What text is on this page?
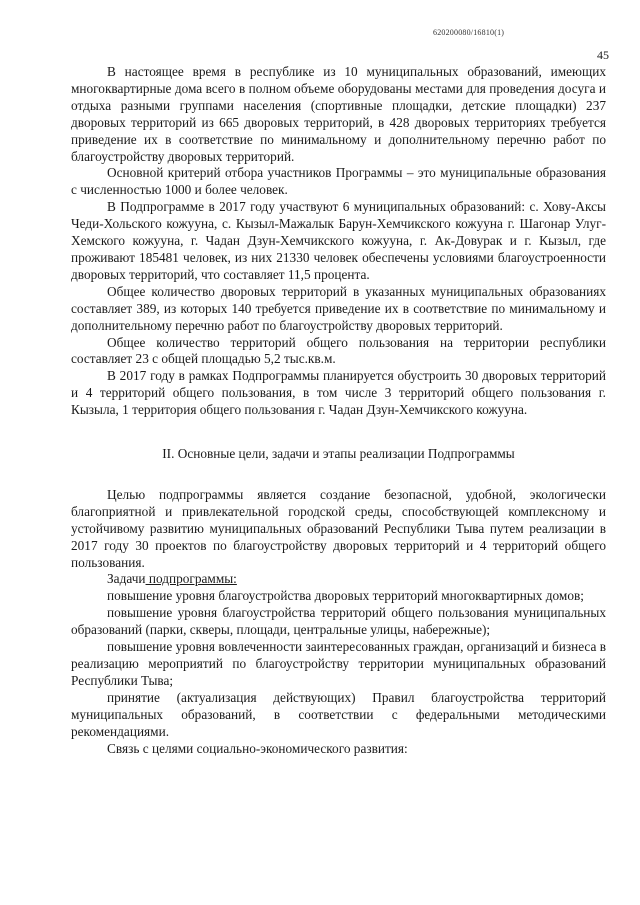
620200080/16810(1)
45

В настоящее время в республике из 10 муниципальных образований, имеющих многоквартирные дома всего в полном объеме оборудованы местами для проведения досуга и отдыха разными группами населения (спортивные площадки, детские площадки) 237 дворовых территорий из 665 дворовых территорий, в 428 дворовых территориях требуется приведение их в соответствие по минимальному и дополнительному перечню работ по благоустройству дворовых территорий.

Основной критерий отбора участников Программы – это муниципальные образования с численностью 1000 и более человек.

В Подпрограмме в 2017 году участвуют 6 муниципальных образований: с. Хову-Аксы Чеди-Хольского кожууна, с. Кызыл-Мажалык Барун-Хемчикского кожууна г. Шагонар Улуг-Хемского кожууна, г. Чадан Дзун-Хемчикского кожууна, г. Ак-Довурак и г. Кызыл, где проживают 185481 человек, из них 21330 человек обеспечены условиями благоустроенности дворовых территорий, что составляет 11,5 процента.

Общее количество дворовых территорий в указанных муниципальных образованиях составляет 389, из которых 140 требуется приведение их в соответствие по минимальному и дополнительному перечню работ по благоустройству дворовых территорий.

Общее количество территорий общего пользования на территории республики составляет 23 с общей площадью 5,2 тыс.кв.м.

В 2017 году в рамках Подпрограммы планируется обустроить 30 дворовых территорий и 4 территорий общего пользования, в том числе 3 территорий общего пользования г. Кызыла, 1 территория общего пользования г. Чадан Дзун-Хемчикского кожууна.

II. Основные цели, задачи и этапы реализации Подпрограммы

Целью подпрограммы является создание безопасной, удобной, экологически благоприятной и привлекательной городской среды, способствующей комплексному и устойчивому развитию муниципальных образований Республики Тыва путем реализации в 2017 году 30 проектов по благоустройству дворовых территорий и 4 территорий общего пользования.

Задачи подпрограммы:

повышение уровня благоустройства дворовых территорий многоквартирных домов;

повышение уровня благоустройства территорий общего пользования муниципальных образований (парки, скверы, площади, центральные улицы, набережные);

повышение уровня вовлеченности заинтересованных граждан, организаций и бизнеса в реализацию мероприятий по благоустройству территории муниципальных образований Республики Тыва;

принятие (актуализация действующих) Правил благоустройства территорий муниципальных образований, в соответствии с федеральными методическими рекомендациями.

Связь с целями социально-экономического развития:
